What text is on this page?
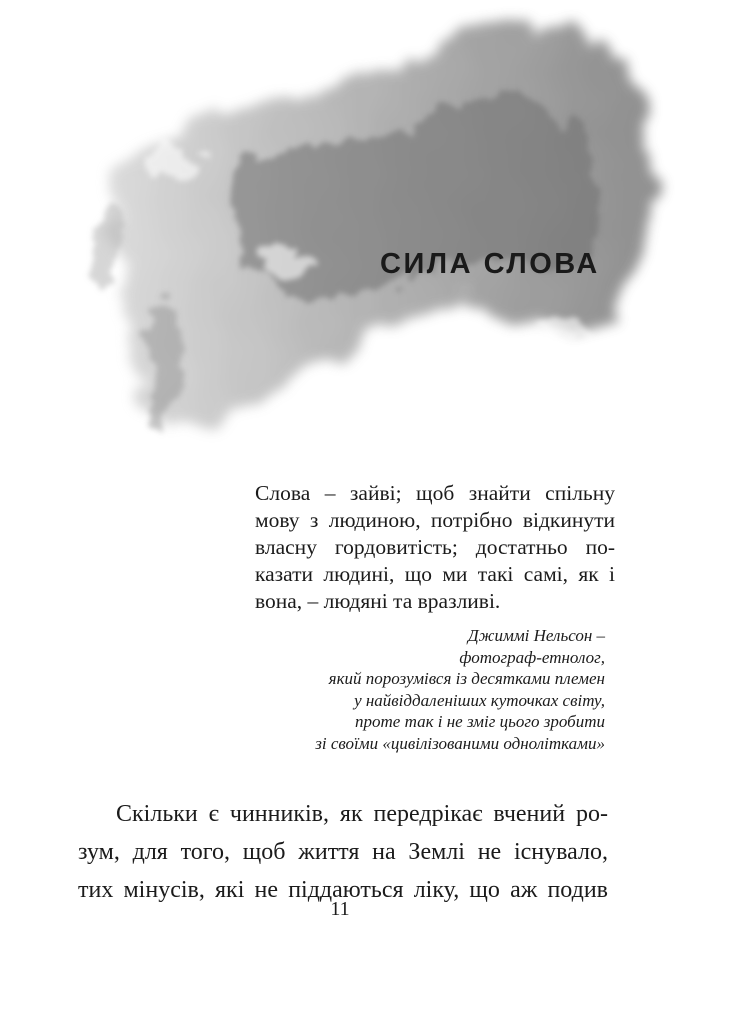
СИЛА СЛОВА
Слова – зайві; щоб знайти спільну
мову з людиною, потрібно відкинути
власну гордовитість; достатньо по-
казати людині, що ми такі самі, як і
вона, – людяні та вразливі.
Джиммі Нельсон –
фотограф-етнолог,
який порозумівся із десятками племен
у найвіддаленіших куточках світу,
проте так і не зміг цього зробити
зі своїми «цивілізованими однолітками»
Скільки є чинників, як передрікає вчений ро-
зум, для того, щоб життя на Землі не існувало,
тих мінусів, які не піддаються ліку, що аж подив
11
